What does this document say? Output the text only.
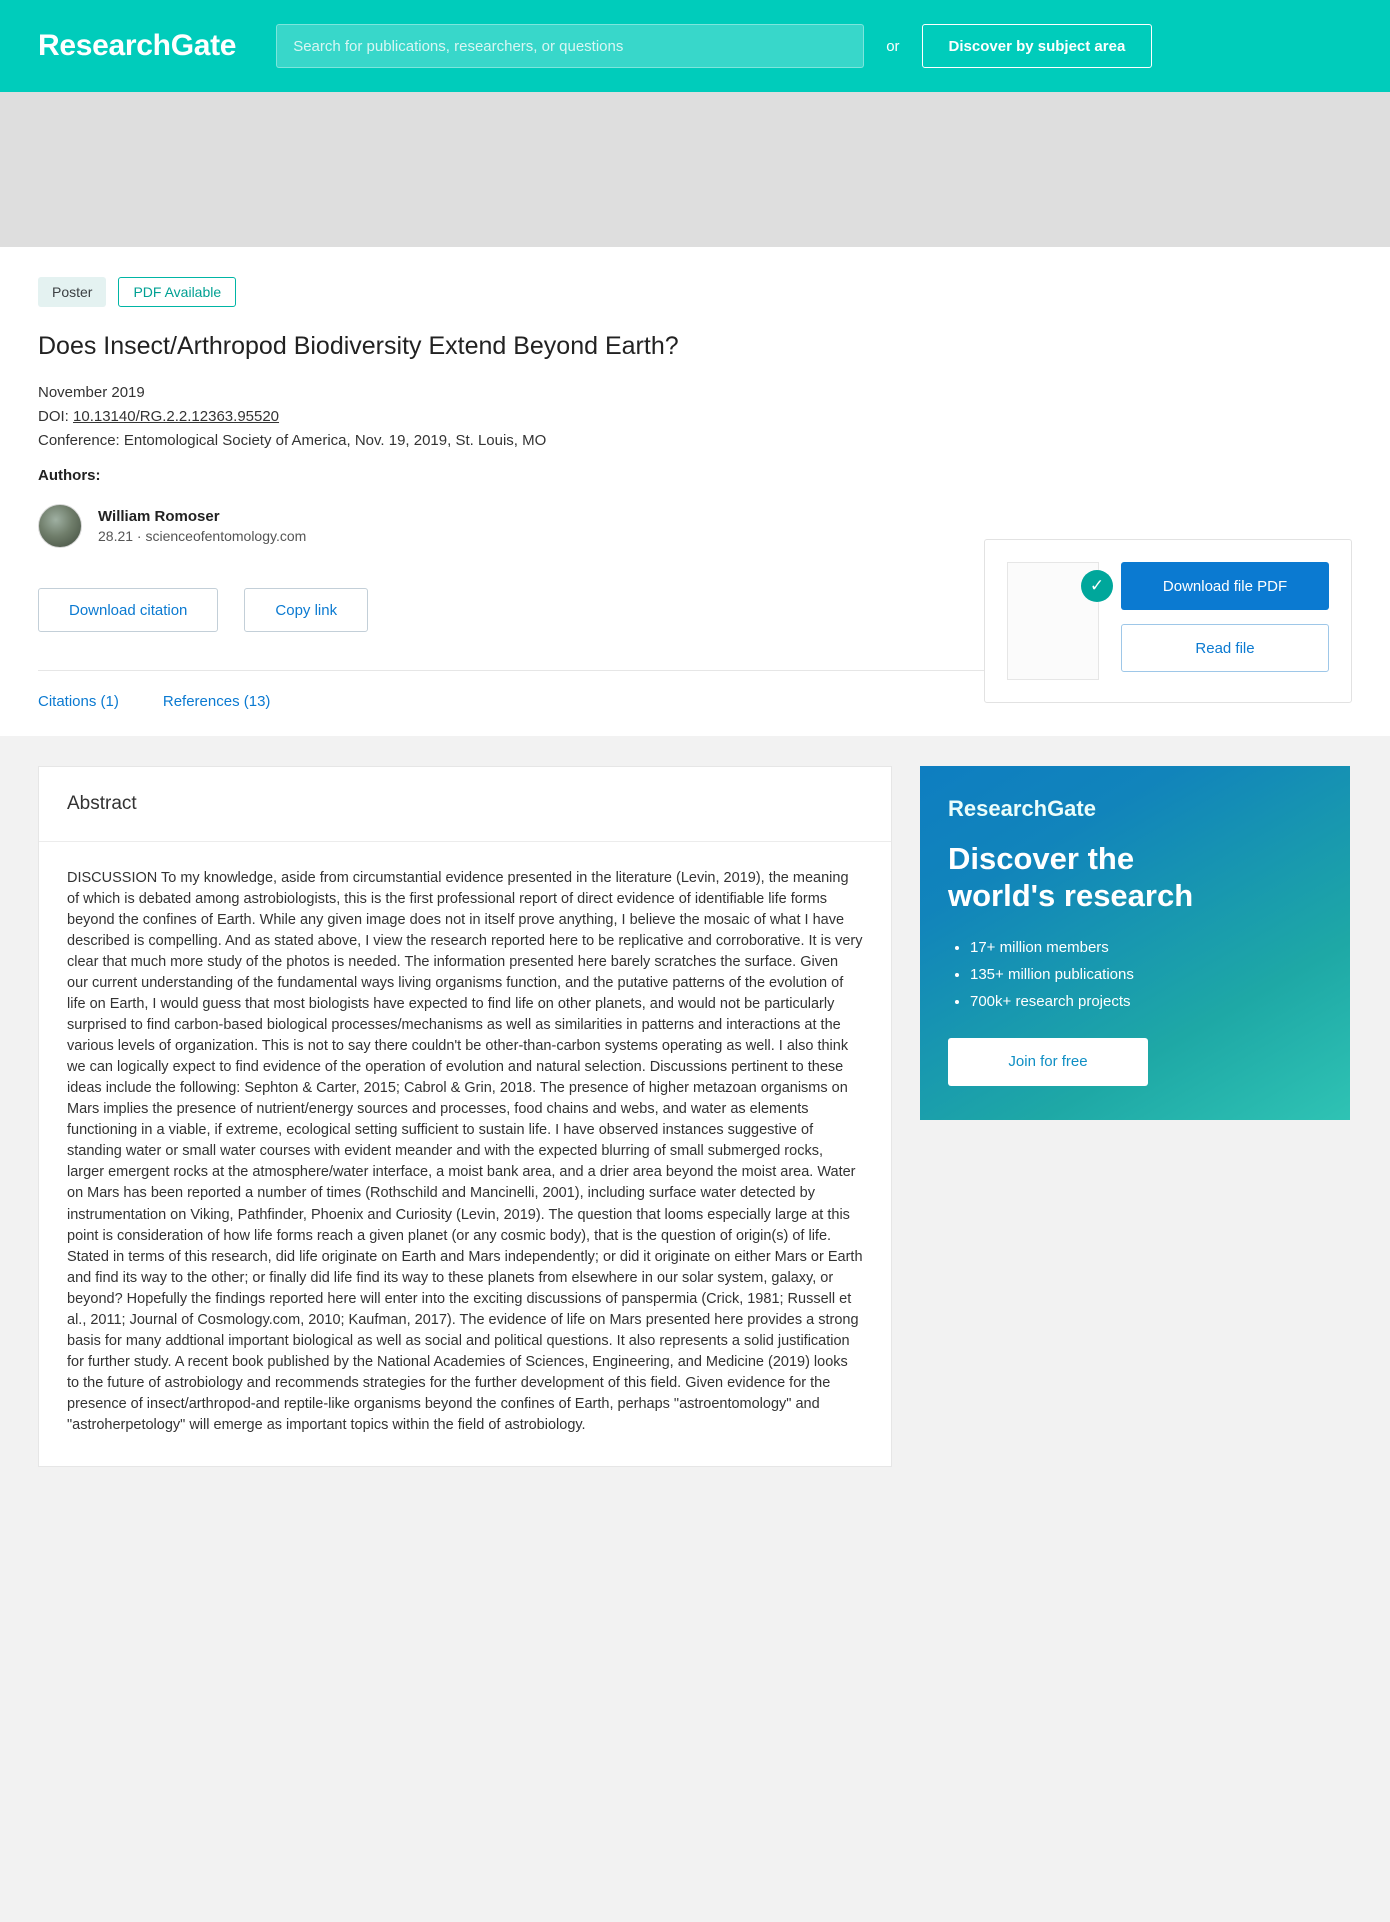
ResearchGate
Search for publications, researchers, or questions	or	Discover by subject area
Poster	PDF Available
Does Insect/Arthropod Biodiversity Extend Beyond Earth?
November 2019
DOI: 10.13140/RG.2.2.12363.95520
Conference: Entomological Society of America, Nov. 19, 2019, St. Louis, MO
Authors:
William Romoser
28.21 · scienceofentomology.com
Download citation	Copy link
Citations (1)	References (13)
✓	Download file PDF
Read file
Abstract
DISCUSSION To my knowledge, aside from circumstantial evidence presented in the literature (Levin, 2019), the meaning of which is debated among astrobiologists, this is the first professional report of direct evidence of identifiable life forms beyond the confines of Earth. While any given image does not in itself prove anything, I believe the mosaic of what I have described is compelling. And as stated above, I view the research reported here to be replicative and corroborative. It is very clear that much more study of the photos is needed. The information presented here barely scratches the surface. Given our current understanding of the fundamental ways living organisms function, and the putative patterns of the evolution of life on Earth, I would guess that most biologists have expected to find life on other planets, and would not be particularly surprised to find carbon-based biological processes/mechanisms as well as similarities in patterns and interactions at the various levels of organization. This is not to say there couldn't be other-than-carbon systems operating as well. I also think we can logically expect to find evidence of the operation of evolution and natural selection. Discussions pertinent to these ideas include the following: Sephton & Carter, 2015; Cabrol & Grin, 2018. The presence of higher metazoan organisms on Mars implies the presence of nutrient/energy sources and processes, food chains and webs, and water as elements functioning in a viable, if extreme, ecological setting sufficient to sustain life. I have observed instances suggestive of standing water or small water courses with evident meander and with the expected blurring of small submerged rocks, larger emergent rocks at the atmosphere/water interface, a moist bank area, and a drier area beyond the moist area. Water on Mars has been reported a number of times (Rothschild and Mancinelli, 2001), including surface water detected by instrumentation on Viking, Pathfinder, Phoenix and Curiosity (Levin, 2019). The question that looms especially large at this point is consideration of how life forms reach a given planet (or any cosmic body), that is the question of origin(s) of life. Stated in terms of this research, did life originate on Earth and Mars independently; or did it originate on either Mars or Earth and find its way to the other; or finally did life find its way to these planets from elsewhere in our solar system, galaxy, or beyond? Hopefully the findings reported here will enter into the exciting discussions of panspermia (Crick, 1981; Russell et al., 2011; Journal of Cosmology.com, 2010; Kaufman, 2017). The evidence of life on Mars presented here provides a strong basis for many addtional important biological as well as social and political questions. It also represents a solid justification for further study. A recent book published by the National Academies of Sciences, Engineering, and Medicine (2019) looks to the future of astrobiology and recommends strategies for the further development of this field. Given evidence for the presence of insect/arthropod-and reptile-like organisms beyond the confines of Earth, perhaps "astroentomology" and "astroherpetology" will emerge as important topics within the field of astrobiology.
ResearchGate
Discover the
world's research
• 17+ million members
• 135+ million publications
• 700k+ research projects
Join for free
